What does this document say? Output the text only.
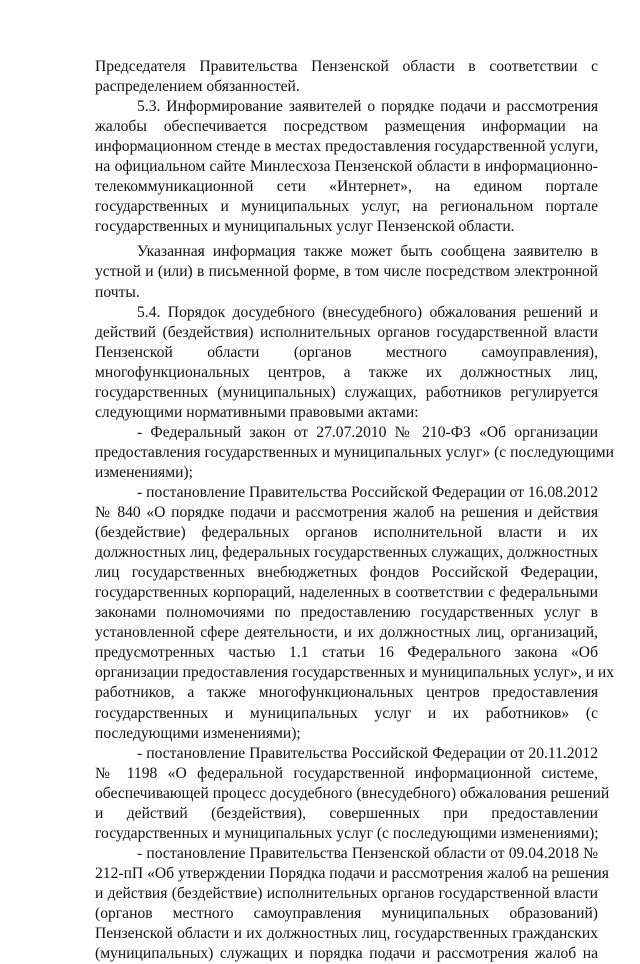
Председателя Правительства Пензенской области в соответствии с
распределением обязанностей.
5.3. Информирование заявителей о порядке подачи и рассмотрения
жалобы обеспечивается посредством размещения информации на
информационном стенде в местах предоставления государственной услуги,
на официальном сайте Минлесхоза Пензенской области в информационно-
телекоммуникационной сети «Интернет», на едином портале
государственных и муниципальных услуг, на региональном портале
государственных и муниципальных услуг Пензенской области.
Указанная информация также может быть сообщена заявителю в
устной и (или) в письменной форме, в том числе посредством электронной
почты.
5.4. Порядок досудебного (внесудебного) обжалования решений и
действий (бездействия) исполнительных органов государственной власти
Пензенской области (органов местного самоуправления),
многофункциональных центров, а также их должностных лиц,
государственных (муниципальных) служащих, работников регулируется
следующими нормативными правовыми актами:
- Федеральный закон от 27.07.2010 № 210-ФЗ «Об организации
предоставления государственных и муниципальных услуг» (с последующими
изменениями);
- постановление Правительства Российской Федерации от 16.08.2012
№ 840 «О порядке подачи и рассмотрения жалоб на решения и действия
(бездействие) федеральных органов исполнительной власти и их
должностных лиц, федеральных государственных служащих, должностных
лиц государственных внебюджетных фондов Российской Федерации,
государственных корпораций, наделенных в соответствии с федеральными
законами полномочиями по предоставлению государственных услуг в
установленной сфере деятельности, и их должностных лиц, организаций,
предусмотренных частью 1.1 статьи 16 Федерального закона «Об
организации предоставления государственных и муниципальных услуг», и их
работников, а также многофункциональных центров предоставления
государственных и муниципальных услуг и их работников» (с
последующими изменениями);
- постановление Правительства Российской Федерации от 20.11.2012
№ 1198 «О федеральной государственной информационной системе,
обеспечивающей процесс досудебного (внесудебного) обжалования решений
и действий (бездействия), совершенных при предоставлении
государственных и муниципальных услуг (с последующими изменениями);
- постановление Правительства Пензенской области от 09.04.2018 №
212-пП «Об утверждении Порядка подачи и рассмотрения жалоб на решения
и действия (бездействие) исполнительных органов государственной власти
(органов местного самоуправления муниципальных образований)
Пензенской области и их должностных лиц, государственных гражданских
(муниципальных) служащих и порядка подачи и рассмотрения жалоб на
